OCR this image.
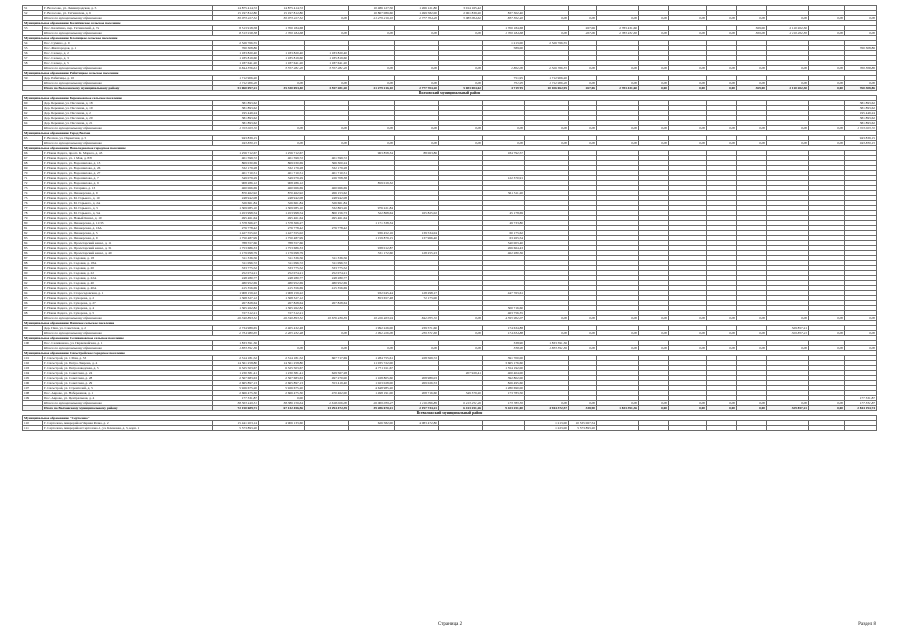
51	Г. Волосово, ул. Ленинградская, д. 5	14 875 414,72	14 875 414,72		10 486 127,50	1 266 121,80	3 014 165,42											
52	Г. Волосово, ул. Гатчинская, д. 6	15 197 812,80	15 197 812,80		10 867 086,60	1 499 582,00	2 061 839,20	837 302,40										
	Итого по муниципальному образованию	30 073 227,52	30 073 227,52	0,00	21 279 216,10	2 777 704,20	5 083 004,62	837 302,40	0,00	0,00	0,00	0,00	0,00	0,00	0,00	0,00	0,00	0,00
Муниципальное образование Калитинское сельское поселение																		
53	Пос. Калитино, пер. Гатчинский, д. 7а	8 513 918,58	1 700 184,68					1 700 184,68		267,06	2 783 431,60				369,00	2 110 202,30		
	Итого по муниципальному образованию	8 513 918,58	1 700 184,68	0,00	0,00	0,00	0,00	1 700 184,68	0,00	267,06	2 783 431,60	0,00	0,00	0,00	369,00	2 110 202,30	0,00	0,00
Муниципальное образование Клопицкое сельское поселение																		
54	Пос. Сумино, д. 9	2 526 766,55						1 213,00	2 526 766,55									
55	Пос. Жилгородок, д. 1	760 308,86						589,00										760 308,86
56	Пос. Сельцо, д. 2	1 183 820,40	1 183 820,40	1 183 820,40														
57	Пос. Сельцо, д. 3	1 185 819,60	1 185 819,60	1 185 819,60														
58	Пос. Сельцо, д. 5	1 187 641,20	1 187 641,20	1 187 641,20														
	Итого по муниципальному образованию	6 844 356,61	3 557 281,20	3 557 281,20	0,00	0,00	0,00	1 802,00	2 526 766,55	0,00	0,00	0,00	0,00	0,00	0,00	0,00	0,00	760 308,86
Муниципальное образование Рабитицкое сельское поселение																		
59	Дер. Рабитицы, д. 10	1 712 906,20						751,95	1 712 906,20									
	Итого по муниципальному образованию	1 712 906,20	0,00	0,00	0,00	0,00	0,00	751,95	1 712 906,20	0,00	0,00	0,00	0,00	0,00	0,00	0,00	0,00	0,00
	Итого по Волосовскому муниципальному району	51 060 097,21	35 330 693,40	3 557 281,20	21 279 216,10	2 777 704,20	5 083 004,62	4 719 95	10 106 062,95	267,06	2 783 431,60	0,00	0,00	0,00	369,00	2 110 202,30	0,00	760 308,86
Волховский муниципальный район																		
Муниципальное образование Бережковское сельское поселение																		
60	Дер. Бережки, ул. Песочная, д. 18	381 893,62																381 893,62
61	Дер. Бережки, ул. Песочная, д. 19	381 893,62																381 893,62
62	Дер. Бережки, ул. Песочная, д. 2	195 449,24																195 449,24
63	Дер. Бережки, ул. Песочная, д. 20	381 893,62																381 893,62
64	Дер. Бережки, ул. Песочная, д. 21	381 893,62																381 893,62
	Итого по муниципальному образованию	1 723 023,72	0,00	0,00	0,00	0,00	0,00	0,00	0,00	0,00	0,00	0,00	0,00	0,00	0,00	0,00	0,00	1 723 023,72
Муниципальное образование Город Волхов																		
65	Г. Волхов, ул. Паркетная, д. 5	943 839,15																943 839,15
	Итого по муниципальному образованию	943 839,15	0,00	0,00	0,00	0,00	0,00	0,00	0,00	0,00	0,00	0,00	0,00	0,00	0,00	0,00	0,00	943 839,15
Муниципальное образование Новоладожское городское поселение																		
66	Г. Новая Ладога, просп. К. Маркса, д. 43	1 256 712,67	1 256 712,67		963 858,34	88 063,86		184 792,57										
67	Г. Новая Ладога, ул. 1 Мая, д. 8/8	401 599,72	401 599,72	401 599,72														
68	Г. Новая Ладога, ул. Ворошилова, д. 13	869 030,69	869 030,69	566 300,24														
69	Г. Новая Ладога, ул. Ворошилова, д. 26	332 179,28	332 179,28	332 179,28														
70	Г. Новая Ладога, ул. Ворошилова, д. 27	401 710,51	401 710,51	401 710,51														
71	Г. Новая Ладога, ул. Ворошилова, д. 7	349 079,29	349 079,29	226 708,38				122 370,91										
72	Г. Новая Ладога, ул. Ворошилова, д. 9	908 286,12	908 286,12		859 019,32													
73	Г. Новая Ладога, ул. Гагарина, д. 13	460 066,69	460 066,69	460 066,69														
74	Г. Новая Ладога, ул. Пионерская, д. 9	870 462,92	870 462,92	266 153,62				561 311,20										
75	Г. Новая Ладога, ул. М. Горького, д. 10	248 942,08	248 942,08	248 942,08														
76	Г. Новая Ладога, ул. М. Горького, д. 2А	326 661,84	326 661,84	326 661,84														
77	Г. Новая Ладога, ул. М. Горького, д. 5	1 309 085,10	1 309 085,10	332 863,26	976 221,84													
78	Г. Новая Ладога, ул. М. Горького, д. 5А	1 453 998,54	1 453 998,54	800 156,73	522 868,64	165 825,02		45 178,69										
79	Г. Новая Ладога, ул. Новый Канал, д. 10	495 461,64	495 461,64	495 461,64														
80	Г. Новая Ладога, ул. Пионерская, д. 11/33	1 578 366,27	1 578 366,27		1 171 338,34			49 733,80										
81	Г. Новая Ладога, ул. Пионерская, д. 16А	276 778,42	276 778,42	276 778,42														
82	Г. Новая Ладога, ул. Пионерская, д. 5	1 427 555,02	1 427 555,02		936 452,16	139 534,04		60 175,62										
83	Г. Новая Ладога, ул. Пионерская, д. 9	1 750 487,99	1 750 487,99		1 159 879,15	137 966,40		63 265,54										
84	Г. Новая Ладога, ул. Пролетарский канал, д. 11	788 557,66	788 557,66					540 003,40										
85	Г. Новая Ладога, ул. Пролетарский канал, д. 31	1 753 686,33	1 753 686,33		938 012,87			266 664,43										
86	Г. Новая Ладога, ул. Пролетарский канал, д. 49	1 179 098,79	1 179 098,79		331 172,60	128 255,23		462 280,36										
87	Г. Новая Ладога, ул. Садовая, д. 18	311 336,56	311 336,56	311 336,56														
88	Г. Новая Ладога, ул. Садовая, д. 18А	311 096,72	311 096,72	311 096,72														
89	Г. Новая Ладога, ул. Садовая, д. 20	333 775,52	333 775,52	333 775,52														
90	Г. Новая Ладога, ул. Садовая, д. 22	252 074,21	252 074,21	252 074,21														
91	Г. Новая Ладога, ул. Садовая, д. 22А	248 280,77	248 280,77	248 280,77														
92	Г. Новая Ладога, ул. Садовая, д. 40	480 952,69	480 952,69	480 952,69														
93	Г. Новая Ладога, ул. Садовая, д. 40А	415 356,69	415 356,69	415 356,69														
94	Г. Новая Ладога, ул. Старосадовская, д. 1	1 908 159,22	1 908 159,22		932 045,44	128 298,17		447 763,61										
95	Г. Новая Ладога, ул. Суворова, д. 2	1 368 327,12	1 368 327,12		853 657,48	72 175,00												
96	Г. Новая Ладога, ул. Суворова, д. 27	267 828,64	267 828,64	267 828,64														
97	Г. Новая Ладога, ул. Суворова, д. 4	1 365 262,82	1 365 262,82					500 716,60										
98	Г. Новая Ладога, ул. Суворова, д. 5	727 512,21	727 512,21					463 756,35										
	Итого по муниципальному образованию	26 340 893,52	26 340 893,52	10 676 436,39	10 226 403,94	842 055,72	0,00	4 595 902,07	0,00	0,00	0,00	0,00	0,00	0,00	0,00	0,00	0,00	0,00
Муниципальное образование Пашское сельское поселение																		
99	Дер. Паш, ул. Советская, д. 2	2 734 989,65	2 405 432,48		1 992 226,00	239 571,60		174 634,88								329 857,21		
	Итого по муниципальному образованию	2 734 989,65	2 405 432,48	0,00	1 992 226,00	239 571,60	0,00	174 634,88	0,00	0,00	0,00	0,00	0,00	0,00	0,00	329 857,21	0,00	0,00
Муниципальное образование Селивановское сельское поселение																		
100	Пос. Селиваново, ул. Первомайская, д. 1	1 833 391,36						338,90	1 833 391,36									
	Итого по муниципальному образованию	1 833 391,36	0,00	0,00	0,00	0,00	0,00	338,90	1 833 391,36	0,00	0,00	0,00	0,00	0,00	0,00	0,00	0,00	0,00
Муниципальное образование Сясьстройское городское поселение																		
101	Г. Сясьстрой, ул. 1 Мая, д. 33	2 314 181,52	2 314 181,52	667 717,69	1 284 755,61	228 569,72		391 700,00										
102	Г. Сясьстрой, ул. Петра Лаврова, д. 4	14 561 258,80	14 561 258,80		11 035 722,00			3 665 176,60										
103	Г. Сясьстрой, ул. Петрозаводская, д. 5	6 325 503,67	6 325 503,67		4 771 011,67			1 554 192,00										
104	Г. Сясьстрой, ул. Советская, д. 24	1 230 381,41	1 230 381,41	629 567,28			207 929,41	400 404,00										
105	Г. Сясьстрой, ул. Советская, д. 28	2 567 683,63	2 567 683,63	497 270,00	1 168 805,60	208 989,03		392 802,00										
106	Г. Сясьстрой, ул. Советская, д. 29	2 665 897,13	2 665 897,13	353 419,40	1 023 028,00	269 026,53		826 495,60										
107	Г. Сясьстрой, ул. Строителей, д. 5	5 926 675,20	5 926 675,20		4 648 985,20			1 280 690,00										
108	Пос. Аврово, ул. Набережная, д. 1	2 666 475,30	2 666 475,30	470 462,00	1 498 191,00	208 716,60	349 379,20	173 783,50										
109	Пос. Аврово, ул. Центральная, д. 4	177 331,87	0,00															177 331,87
	Итого по муниципальному образованию	38 563 449,51	38 386 156,64	2 618 026,00	26 069 039,27	1 116 096,89	6 413 251,26	173 783,50	0,00	0,00	0,00	0,00	0,00	0,00	0,00	0,00	0,00	177 331,87
	Итого по Волховскому муниципальному району	72 150 689,71	67 132 456,56	13 294 472,39	39 286 670,21	2 197 734,21	6 413 251,26	9 423 251,00	4 944 372,57	338,90	1 833 391,36	0,00	0,00	0,00	0,00	329 857,21	0,00	2 844 194,74
Всеволожский муниципальный район																		
Муниципальное образование "Сертолово"																		
110	Г. Сертолово, микрорайон Черная Речка, д. 2	15 441 203,14	4 906 133,60		626 582,00	4 083 472,80			1 213,00	10 535 067,54								
111	Г. Сертолово, микрорайон Сертолово-1, ул. Кленовая, д. 3, корп. 1	5 573 893,20							1 223,00	5 573 893,20								
Страница 2	Раздел 8
